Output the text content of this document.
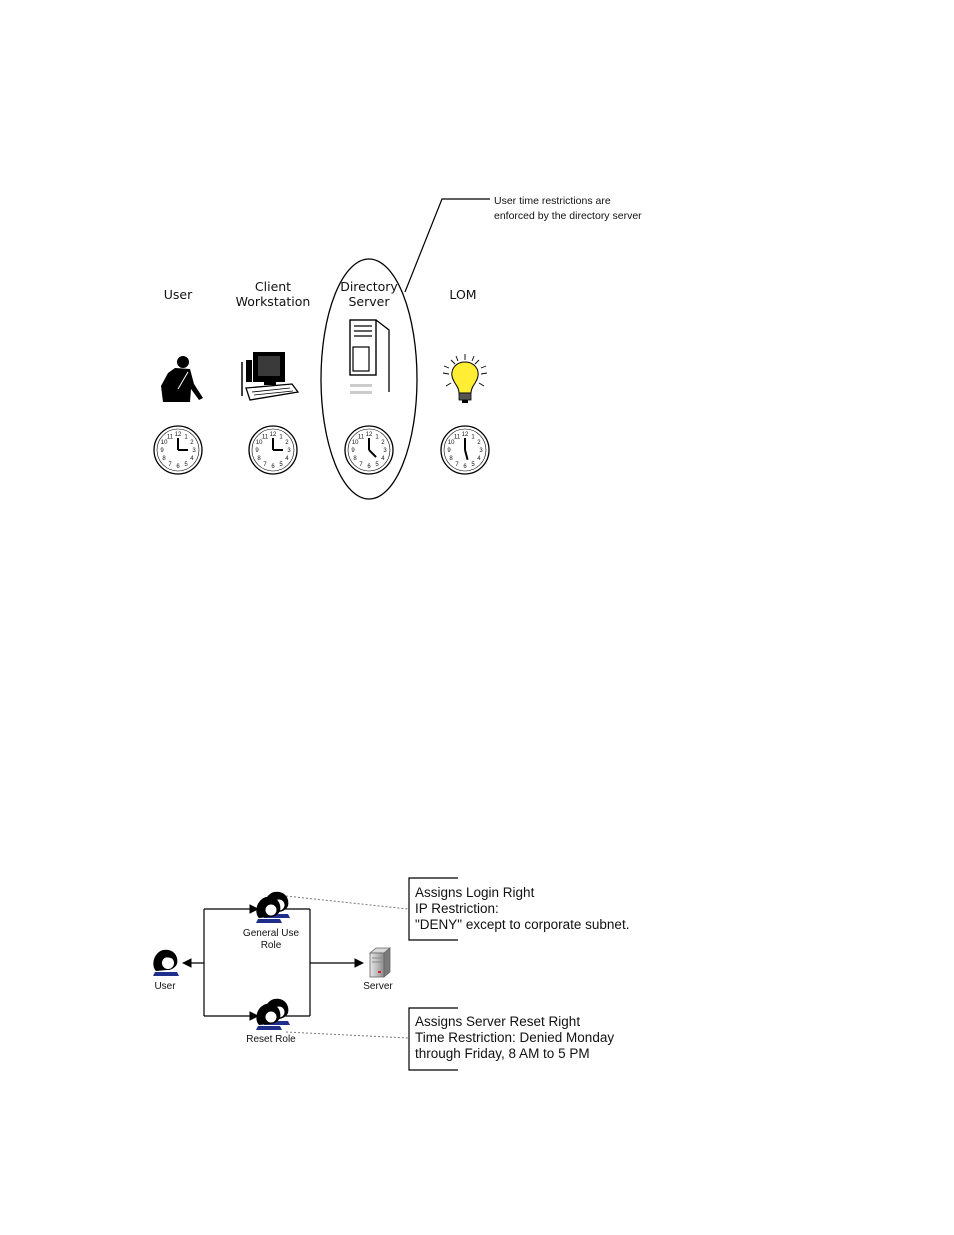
User time restrictions are
enforced by the directory server
User
Client
Workstation
Directory
Server	LOM
12 1
2
3
4
5
6
7
8
9
10
11	12 1
2
3
4
5
6
7
8
9
10
11	12 1
2
3
4
5
6
7
8
9
10
11	12 1
2
3
4
5
6
7
8
9
10
11
User
General Use
Role
Reset Role
Server
Assigns Login Right
IP Restriction:
"DENY" except to corporate subnet.
Assigns Server Reset Right
Time Restriction: Denied Monday
through Friday, 8 AM to 5 PM
